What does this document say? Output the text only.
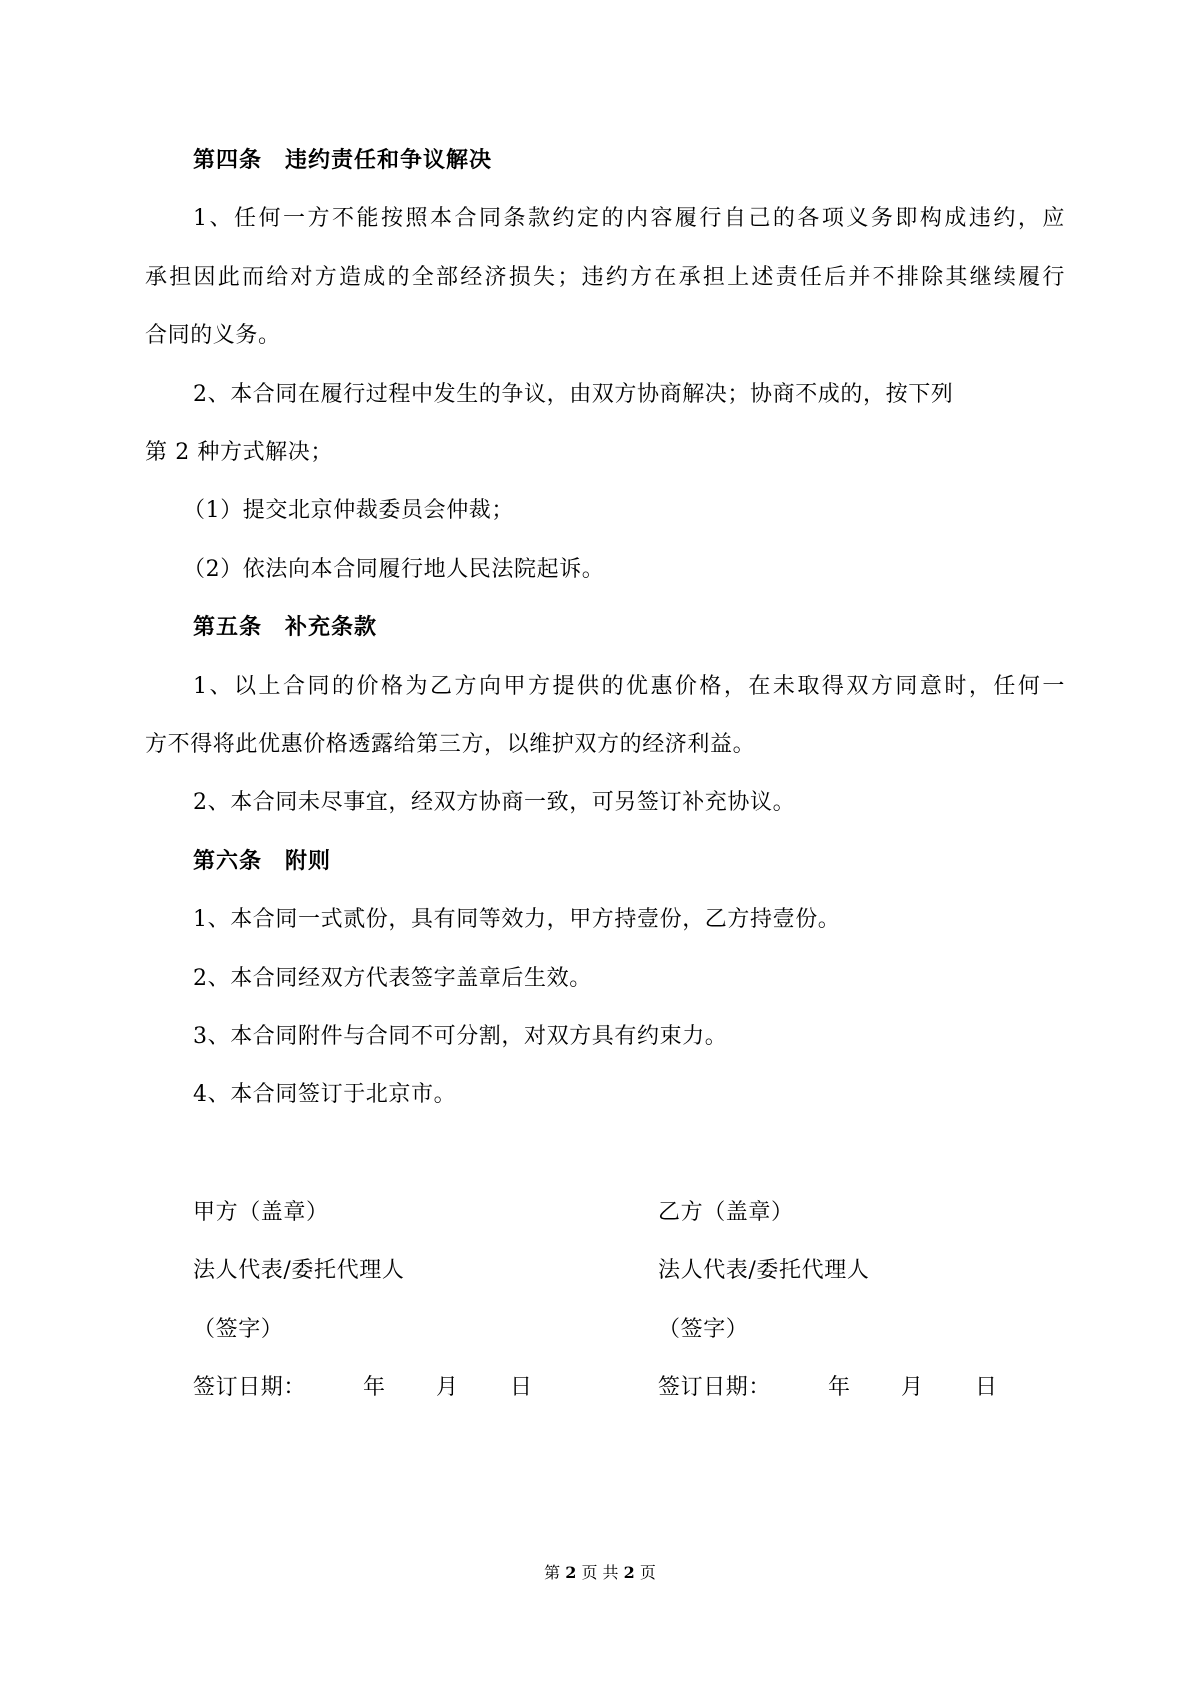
第四条　违约责任和争议解决
1、任何一方不能按照本合同条款约定的内容履行自己的各项义务即构成违约，应
承担因此而给对方造成的全部经济损失；违约方在承担上述责任后并不排除其继续履行
合同的义务。
2、本合同在履行过程中发生的争议，由双方协商解决；协商不成的，按下列
第 2 种方式解决；
（1）提交北京仲裁委员会仲裁；
（2）依法向本合同履行地人民法院起诉。
第五条　补充条款
1、以上合同的价格为乙方向甲方提供的优惠价格，在未取得双方同意时，任何一
方不得将此优惠价格透露给第三方，以维护双方的经济利益。
2、本合同未尽事宜，经双方协商一致，可另签订补充协议。
第六条　附则
1、本合同一式贰份，具有同等效力，甲方持壹份，乙方持壹份。
2、本合同经双方代表签字盖章后生效。
3、本合同附件与合同不可分割，对双方具有约束力。
4、本合同签订于北京市。
甲方（盖章）
法人代表/委托代理人
（签字）
签订日期：	年 月 日
乙方（盖章）
法人代表/委托代理人
（签字）
签订日期：	年 月 日
第 2 页 共 2 页
